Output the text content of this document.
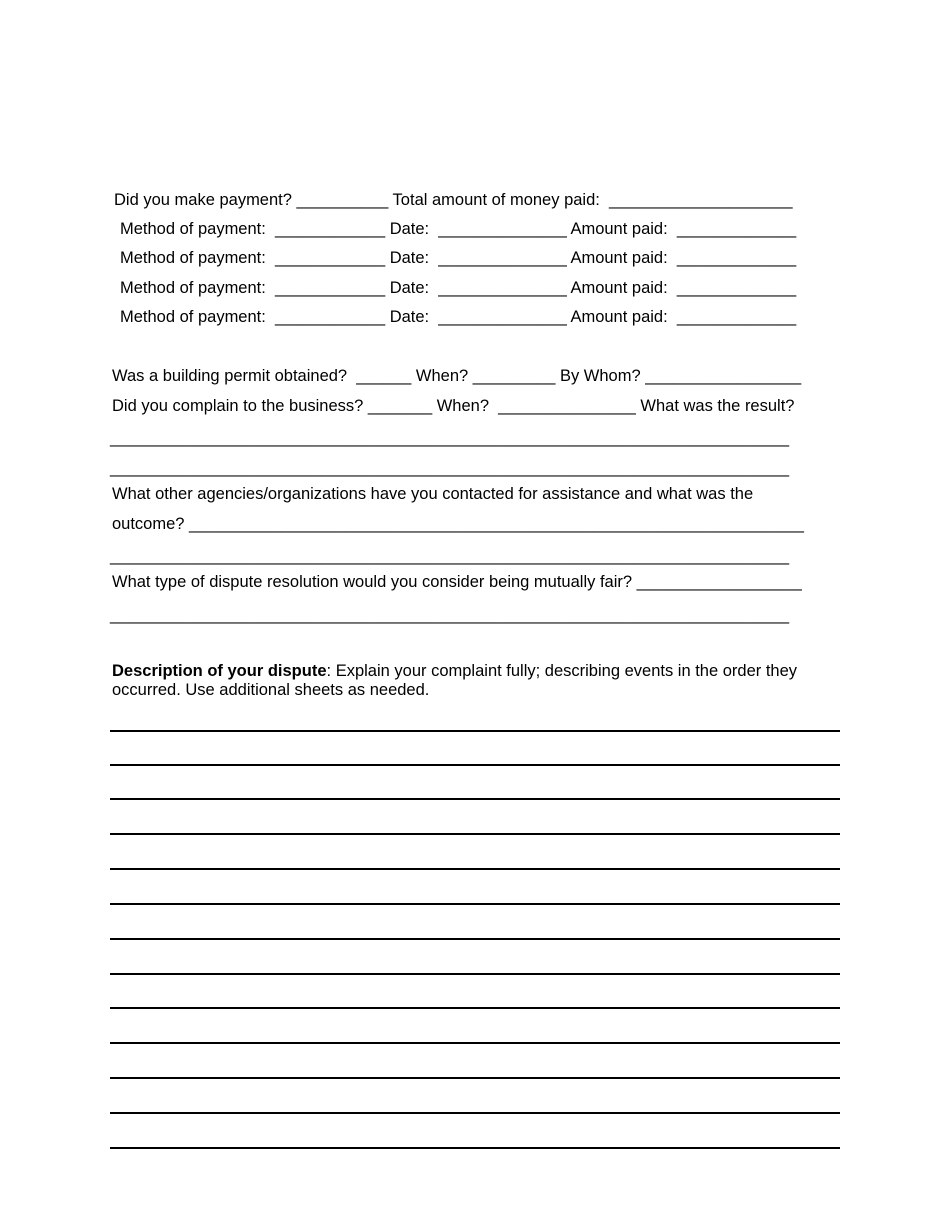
Did you make payment? __________ Total amount of money paid:  ____________________
Method of payment:  ____________ Date:  ______________ Amount paid:  _____________
Method of payment:  ____________ Date:  ______________ Amount paid:  _____________
Method of payment:  ____________ Date:  ______________ Amount paid:  _____________
Method of payment:  ____________ Date:  ______________ Amount paid:  _____________
Was a building permit obtained?  ______ When? _________ By Whom? _________________
Did you complain to the business? _______ When?  _______________ What was the result?
__________________________________________________________________________
__________________________________________________________________________
What other agencies/organizations have you contacted for assistance and what was the
outcome? ___________________________________________________________________
__________________________________________________________________________
What type of dispute resolution would you consider being mutually fair? __________________
__________________________________________________________________________
Description of your dispute: Explain your complaint fully; describing events in the order they occurred. Use additional sheets as needed.
